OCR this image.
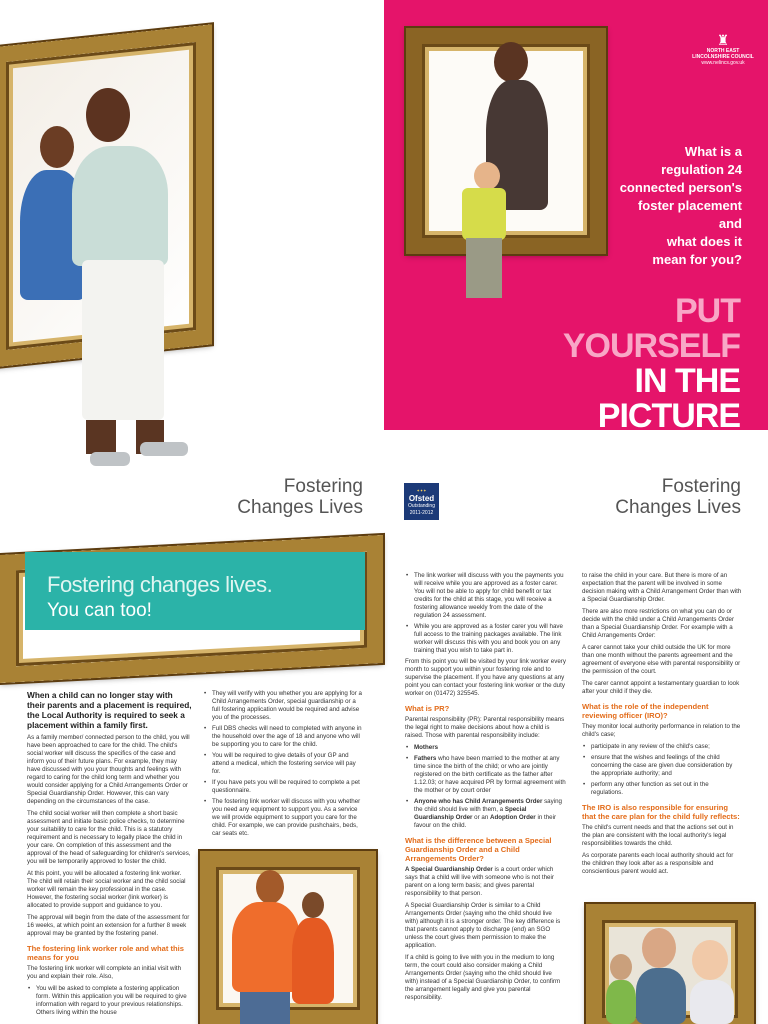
Fostering
Changes Lives
♜
NORTH EAST LINCOLNSHIRE COUNCIL
www.nelincs.gov.uk
What is a
regulation 24
connected person's
foster placement
and
what does it
mean for you?
PUT
YOURSELF
IN THE
PICTURE
✦✦✦
Ofsted
Outstanding
2011-2012
Fostering
Changes Lives
Fostering changes lives.
You can too!
When a child can no longer stay with their parents and a placement is required, the Local Authority is required to seek a placement within a family first.

As a family member/ connected person to the child, you will have been approached to care for the child. The child's social worker will discuss the specifics of the case and inform you of their future plans. For example, they may have discussed with you your thoughts and feelings with regard to caring for the child long term and whether you would consider applying for a Child Arrangements Order or Special Guardianship Order. However, this can vary depending on the circumstances of the case.

The child social worker will then complete a short basic assessment and initiate basic police checks, to determine your suitability to care for the child. This is a statutory requirement and is necessary to legally place the child in your care. On completion of this assessment and the approval of the head of safeguarding for children's services, you will be temporarily approved to foster the child.

At this point, you will be allocated a fostering link worker. The child will retain their social worker and the child social worker will remain the key professional in the case. However, the fostering social worker (link worker) is allocated to provide support and guidance to you.

The approval will begin from the date of the assessment for 16 weeks, at which point an extension for a further 8 week approval may be granted by the fostering panel.

The fostering link worker role and what this means for you

The fostering link worker will complete an initial visit with you and explain their role. Also,

• You will be asked to complete a fostering application form. Within this application you will be required to give information with regard to your previous relationships. Others living within the house
• They will verify with you whether you are applying for a Child Arrangements Order, special guardianship or a full fostering application would be required and advise you of the processes.
• Full DBS checks will need to completed with anyone in the household over the age of 18 and anyone who will be supporting you to care for the child.
• You will be required to give details of your GP and attend a medical, which the fostering service will pay for.
• If you have pets you will be required to complete a pet questionnaire.
• The fostering link worker will discuss with you whether you need any equipment to support you. As a service we will provide equipment to support you care for the child. For example, we can provide pushchairs, beds, car seats etc.
• The link worker will discuss with you the payments you will receive while you are approved as a foster carer. You will not be able to apply for child benefit or tax credits for the child at this stage, you will receive a fostering allowance weekly from the date of the regulation 24 assessment.
• While you are approved as a foster carer you will have full access to the training packages available. The link worker will discuss this with you and book you on any training that you wish to take part in.

From this point you will be visited by your link worker every month to support you within your fostering role and to supervise the placement. If you have any questions at any point you can contact your fostering link worker or the duty worker on (01472) 325545.

What is PR?

Parental responsibility (PR): Parental responsibility means the legal right to make decisions about how a child is raised. Those with parental responsibility include:

• Mothers
• Fathers who have been married to the mother at any time since the birth of the child; or who are jointly registered on the birth certificate as the father after 1.12.03; or have acquired PR by formal agreement with the mother or by court order
• Anyone who has Child Arrangements Order saying the child should live with them, a Special Guardianship Order or an Adoption Order in their favour on the child.
What is the difference between a Special Guardianship Order and a Child Arrangements Order?

A Special Guardianship Order is a court order which says that a child will live with someone who is not their parent on a long term basis; and gives parental responsibility to that person.

A Special Guardianship Order is similar to a Child Arrangements Order (saying who the child should live with) although it is a stronger order. The key difference is that parents cannot apply to discharge (end) an SGO unless the court gives them permission to make the application.

If a child is going to live with you in the medium to long term, the court could also consider making a Child Arrangements Order (saying who the child should live with) instead of a Special Guardianship Order, to confirm the arrangement legally and give you parental responsibility.

to raise the child in your care. But there is more of an expectation that the parent will be involved in some decision making with a Child Arrangement Order than with a Special Guardianship Order.

There are also more restrictions on what you can do or decide with the child under a Child Arrangements Order than a Special Guardianship Order. For example with a Child Arrangements Order:

A carer cannot take your child outside the UK for more than one month without the parents agreement and the agreement of everyone else with parental responsibility or the permission of the court.

The carer cannot appoint a testamentary guardian to look after your child if they die.

What is the role of the independent reviewing officer (IRO)?

They monitor local authority performance in relation to the child's case;

• participate in any review of the child's case;
• ensure that the wishes and feelings of the child concerning the case are given due consideration by the appropriate authority; and
• perform any other function as set out in the regulations.
The IRO is also responsible for ensuring that the care plan for the child fully reflects:

The child's current needs and that the actions set out in the plan are consistent with the local authority's legal responsibilities towards the child.

As corporate parents each local authority should act for the children they look after as a responsible and conscientious parent would act.
